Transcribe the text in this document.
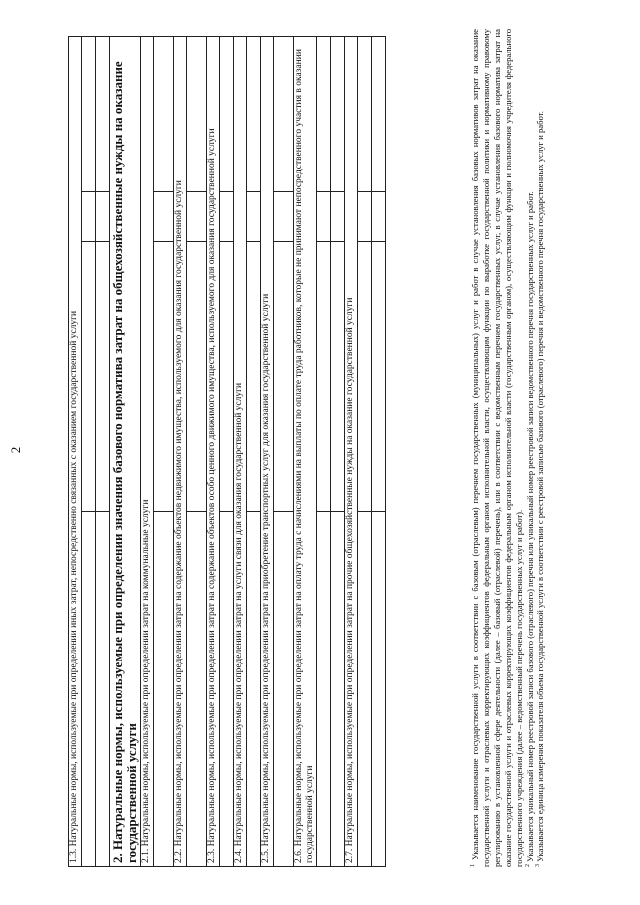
2	1.3. Натуральные нормы, используемые при определении иных затрат, непосредственно связанных с оказанием государственной услуги			

2. Натуральные нормы, используемые при определении значения базового норматива затрат на общехозяйственные нужды на оказание государственной услуги			
2.1. Натуральные нормы, используемые при определении затрат на коммунальные услуги			

2.2. Натуральные нормы, используемые при определении затрат на содержание объектов недвижимого имущества, используемого для оказания государственной услуги			

2.3. Натуральные нормы, используемые при определении затрат на содержание объектов особо ценного движимого имущества, используемого для оказания государственной услуги			

2.4. Натуральные нормы, используемые при определении затрат на услуги связи для оказания государственной услуги			

2.5. Натуральные нормы, используемые при определении затрат на приобретение транспортных услуг для оказания государственной услуги			

2.6. Натуральные нормы, используемые при определении затрат на оплату труда с начислениями на выплаты по оплате труда работников, которые не принимают непосредственного участия в оказании государственной услуги			

2.7. Натуральные нормы, используемые при определении затрат на прочие общехозяйственные нужды на оказание государственной услуги			

$^1$ Указывается наименование государственной услуги в соответствии с базовым (отраслевым) перечнем государственных (муниципальных) услуг и работ в случае установления базовых нормативов затрат на оказание государственной услуги и отраслевых корректирующих коэффициентов федеральным органом исполнительной власти, осуществляющим функции по выработке государственной политики и нормативному правовому регулированию в установленной сфере деятельности (далее – базовый (отраслевой) перечень), или в соответствии с ведомственным перечнем государственных услуг, в случае установления базового норматива затрат на оказание государственной услуги и отраслевых корректирующих коэффициентов федеральным органом исполнительной власти (государственным органом), осуществляющим функции и полномочия учредителя федерального государственного учреждения (далее – ведомственный перечень государственных услуг и работ). $^2$ Указывается уникальный номер реестровой записи базового (отраслевого) перечня или уникальный номер реестровой записи ведомственного перечня государственных услуг и работ.

$^3$ Указывается единица измерения показателя объема государственной услуги в соответствии с реестровой записью базового (отраслевого) перечня и ведомственного перечня государственных услуг и работ.
